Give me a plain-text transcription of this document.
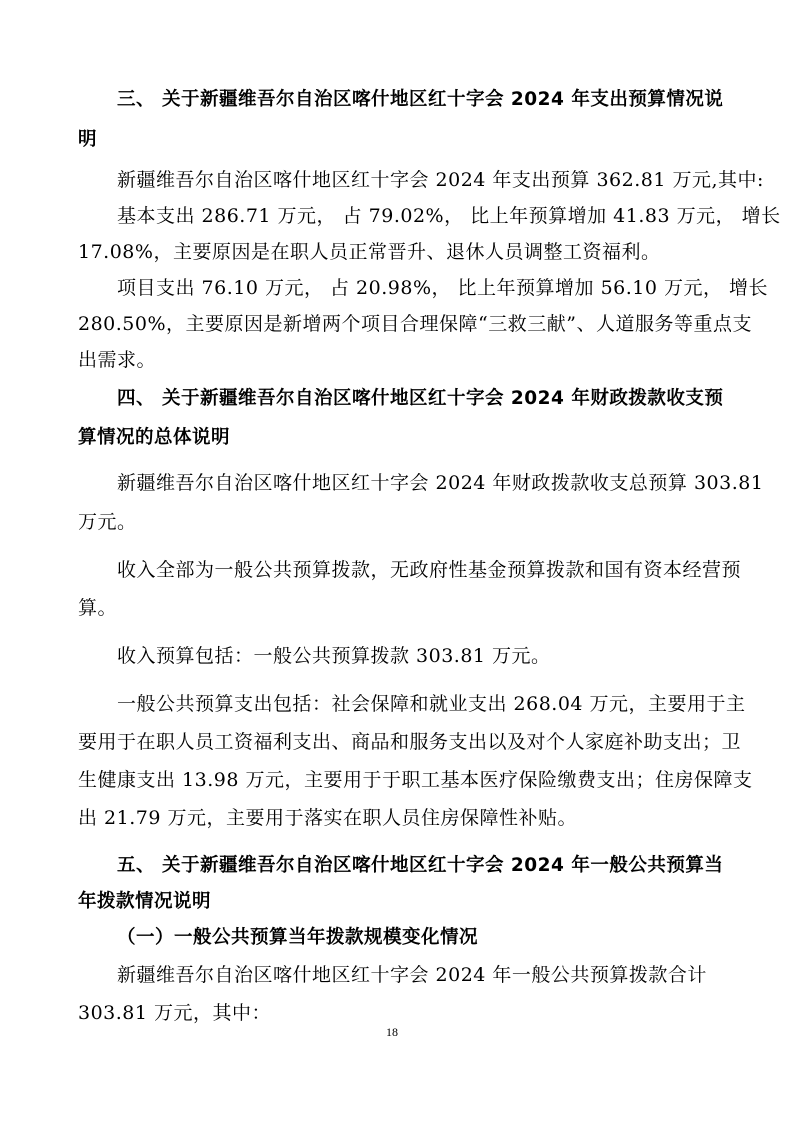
三、 关于新疆维吾尔自治区喀什地区红十字会 2024 年支出预算情况说
明
新疆维吾尔自治区喀什地区红十字会 2024 年支出预算 362.81 万元,其中:
基本支出 286.71 万元， 占 79.02%， 比上年预算增加 41.83 万元， 增长
17.08%，主要原因是在职人员正常晋升、退休人员调整工资福利。
项目支出 76.10 万元， 占 20.98%， 比上年预算增加 56.10 万元， 增长
280.50%，主要原因是新增两个项目合理保障“三救三献”、人道服务等重点支
出需求。
四、 关于新疆维吾尔自治区喀什地区红十字会 2024 年财政拨款收支预
算情况的总体说明
新疆维吾尔自治区喀什地区红十字会 2024 年财政拨款收支总预算 303.81
万元。
收入全部为一般公共预算拨款，无政府性基金预算拨款和国有资本经营预
算。
收入预算包括：一般公共预算拨款 303.81 万元。
一般公共预算支出包括：社会保障和就业支出 268.04 万元，主要用于主
要用于在职人员工资福利支出、商品和服务支出以及对个人家庭补助支出；卫
生健康支出 13.98 万元，主要用于于职工基本医疗保险缴费支出；住房保障支
出 21.79 万元，主要用于落实在职人员住房保障性补贴。
五、 关于新疆维吾尔自治区喀什地区红十字会 2024 年一般公共预算当
年拨款情况说明
（一）一般公共预算当年拨款规模变化情况
新疆维吾尔自治区喀什地区红十字会 2024 年一般公共预算拨款合计
303.81 万元，其中：
18
